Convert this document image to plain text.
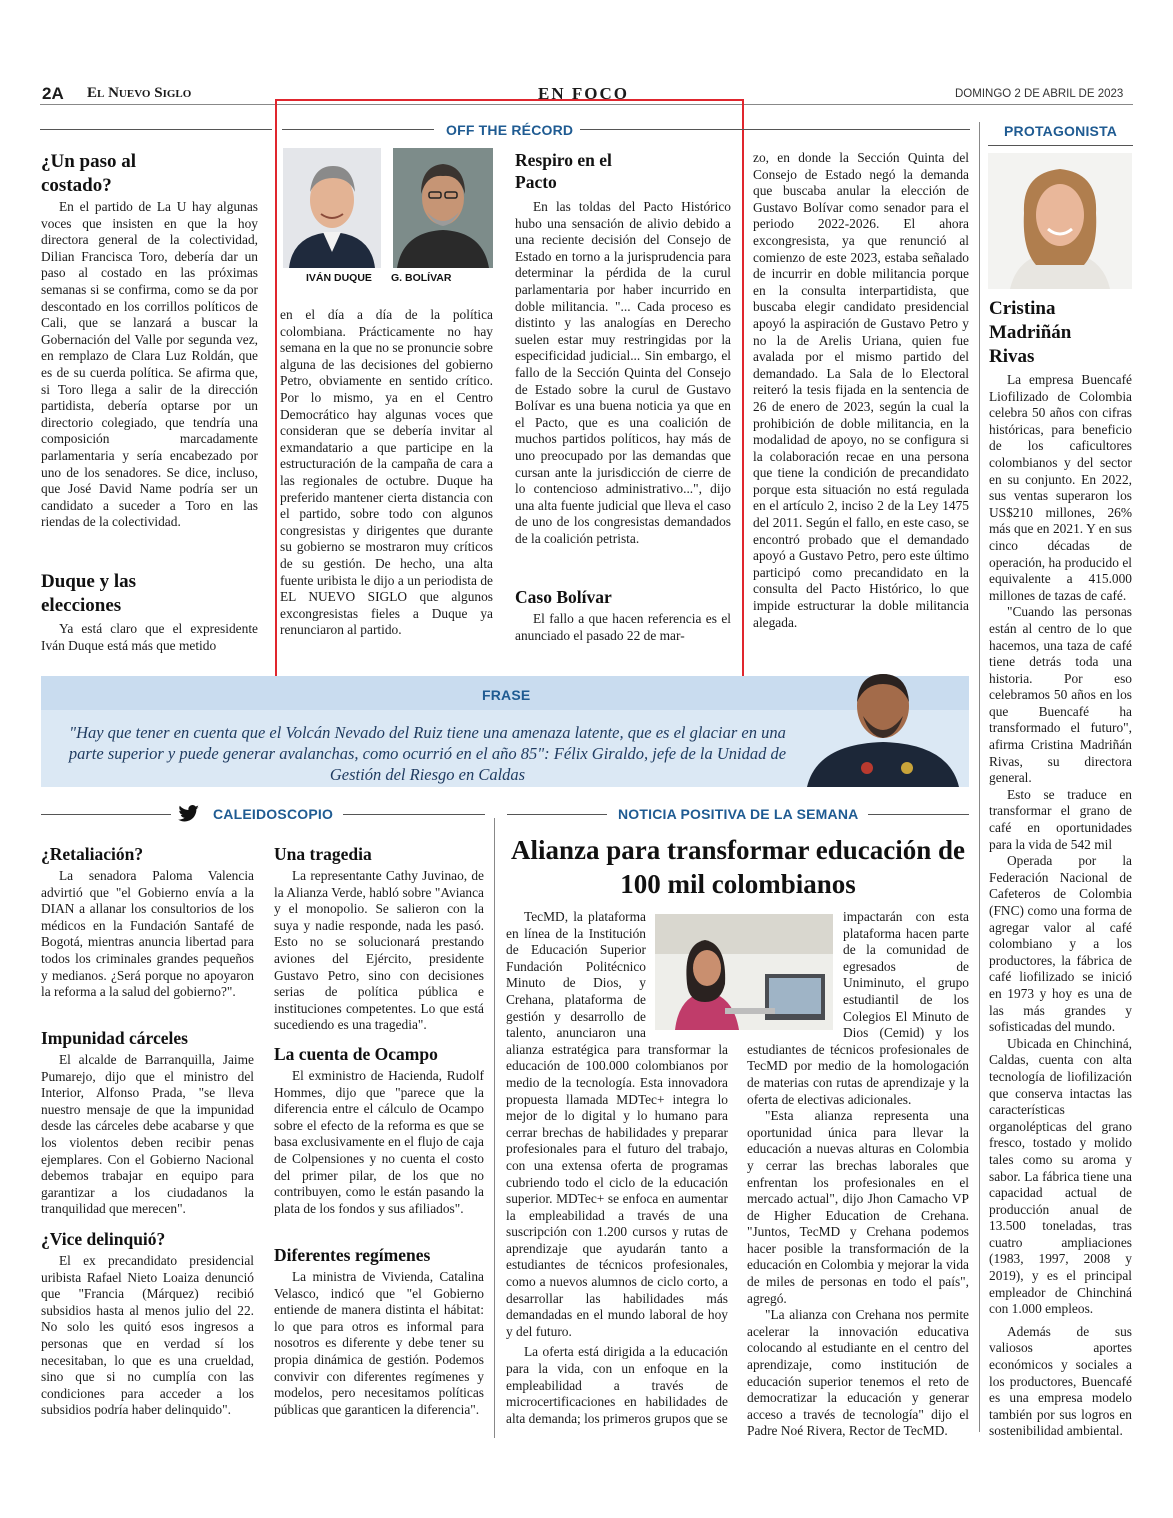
2A El Nuevo Siglo	EN FOCO	DOMINGO 2 DE ABRIL DE 2023
¿Un paso al costado?

En el partido de La U hay algunas voces que insisten en que la hoy directora general de la colectividad, Dilian Francisca Toro, debería dar un paso al costado en las próximas semanas si se confirma, como se da por descontado en los corrillos políticos de Cali, que se lanzará a buscar la Gobernación del Valle por segunda vez, en remplazo de Clara Luz Roldán, que es de su cuerda política. Se afirma que, si Toro llega a salir de la dirección partidista, debería optarse por un directorio colegiado, que tendría una composición marcadamente parlamentaria y sería encabezado por uno de los senadores. Se dice, incluso, que José David Name podría ser un candidato a suceder a Toro en las riendas de la colectividad.

Duque y las elecciones

Ya está claro que el expresidente Iván Duque está más que metido

OFF THE RÉCORD
IVÁN DUQUE G. BOLÍVAR

en el día a día de la política colombiana. Prácticamente no hay semana en la que no se pronuncie sobre alguna de las decisiones del gobierno Petro, obviamente en sentido crítico. Por lo mismo, ya en el Centro Democrático hay algunas voces que consideran que se debería invitar al exmandatario a que participe en la estructuración de la campaña de cara a las regionales de octubre. Duque ha preferido mantener cierta distancia con el partido, sobre todo con algunos congresistas y dirigentes que durante su gobierno se mostraron muy críticos de su gestión. De hecho, una alta fuente uribista le dijo a un periodista de EL NUEVO SIGLO que algunos excongresistas fieles a Duque ya renunciaron al partido.

Respiro en el Pacto

En las toldas del Pacto Histórico hubo una sensación de alivio debido a una reciente decisión del Consejo de Estado en torno a la jurisprudencia para determinar la pérdida de la curul parlamentaria por haber incurrido en doble militancia. "... Cada proceso es distinto y las analogías en Derecho suelen estar muy restringidas por la especificidad judicial... Sin embargo, el fallo de la Sección Quinta del Consejo de Estado sobre la curul de Gustavo Bolívar es una buena noticia ya que en el Pacto, que es una coalición de muchos partidos políticos, hay más de uno preocupado por las demandas que cursan ante la jurisdicción de cierre de lo contencioso administrativo...", dijo una alta fuente judicial que lleva el caso de uno de los congresistas demandados de la coalición petrista.

Caso Bolívar

El fallo a que hacen referencia es el anunciado el pasado 22 de mar-

zo, en donde la Sección Quinta del Consejo de Estado negó la demanda que buscaba anular la elección de Gustavo Bolívar como senador para el periodo 2022-2026. El ahora excongresista, ya que renunció al comienzo de este 2023, estaba señalado de incurrir en doble militancia porque en la consulta interpartidista, que buscaba elegir candidato presidencial apoyó la aspiración de Gustavo Petro y no la de Arelis Uriana, quien fue avalada por el mismo partido del demandado. La Sala de lo Electoral reiteró la tesis fijada en la sentencia de 26 de enero de 2023, según la cual la prohibición de doble militancia, en la modalidad de apoyo, no se configura si la colaboración recae en una persona que tiene la condición de precandidato porque esta situación no está regulada en el artículo 2, inciso 2 de la Ley 1475 del 2011. Según el fallo, en este caso, se encontró probado que el demandado apoyó a Gustavo Petro, pero este último participó como precandidato en la consulta del Pacto Histórico, lo que impide estructurar la doble militancia alegada.

PROTAGONISTA
Cristina Madriñán Rivas

La empresa Buencafé Liofilizado de Colombia celebra 50 años con cifras históricas, para beneficio de los caficultores colombianos y del sector en su conjunto. En 2022, sus ventas superaron los US$210 millones, 26% más que en 2021. Y en sus cinco décadas de operación, ha producido el equivalente a 415.000 millones de tazas de café.

"Cuando las personas están al centro de lo que hacemos, una taza de café tiene detrás toda una historia. Por eso celebramos 50 años en los que Buencafé ha transformado el futuro", afirma Cristina Madriñán Rivas, su directora general.

Esto se traduce en transformar el grano de café en oportunidades para la vida de 542 mil

Operada por la Federación Nacional de Cafeteros de Colombia (FNC) como una forma de agregar valor al café colombiano y a los productores, la fábrica de café liofilizado se inició en 1973 y hoy es una de las más grandes y sofisticadas del mundo.

Ubicada en Chinchiná, Caldas, cuenta con alta tecnología de liofilización que conserva intactas las características organolépticas del grano fresco, tostado y molido tales como su aroma y sabor. La fábrica tiene una capacidad actual de producción anual de 13.500 toneladas, tras cuatro ampliaciones (1983, 1997, 2008 y 2019), y es el principal empleador de Chinchiná con 1.000 empleos.

Además de sus valiosos aportes económicos y sociales a los productores, Buencafé es una empresa modelo también por sus logros en sostenibilidad ambiental.

FRASE
"Hay que tener en cuenta que el Volcán Nevado del Ruiz tiene una amenaza latente, que es el glaciar en una parte superior y puede generar avalanchas, como ocurrió en el año 85": Félix Giraldo, jefe de la Unidad de Gestión del Riesgo en Caldas
CALEIDOSCOPIO
¿Retaliación?

La senadora Paloma Valencia advirtió que "el Gobierno envía a la DIAN a allanar los consultorios de los médicos en la Fundación Santafé de Bogotá, mientras anuncia libertad para todos los criminales grandes pequeños y medianos. ¿Será porque no apoyaron la reforma a la salud del gobierno?".

Impunidad cárceles

El alcalde de Barranquilla, Jaime Pumarejo, dijo que el ministro del Interior, Alfonso Prada, "se lleva nuestro mensaje de que la impunidad desde las cárceles debe acabarse y que los violentos deben recibir penas ejemplares. Con el Gobierno Nacional debemos trabajar en equipo para garantizar a los ciudadanos la tranquilidad que merecen".

¿Vice delinquió?

El ex precandidato presidencial uribista Rafael Nieto Loaiza denunció que "Francia (Márquez) recibió subsidios hasta al menos julio del 22. No solo les quitó esos ingresos a personas que en verdad sí los necesitaban, lo que es una crueldad, sino que si no cumplía con las condiciones para acceder a los subsidios podría haber delinquido".

Una tragedia

La representante Cathy Juvinao, de la Alianza Verde, habló sobre "Avianca y el monopolio. Se salieron con la suya y nadie responde, nada les pasó. Esto no se solucionará prestando aviones del Ejército, presidente Gustavo Petro, sino con decisiones serias de política pública e instituciones competentes. Lo que está sucediendo es una tragedia".

La cuenta de Ocampo

El exministro de Hacienda, Rudolf Hommes, dijo que "parece que la diferencia entre el cálculo de Ocampo sobre el efecto de la reforma es que se basa exclusivamente en el flujo de caja de Colpensiones y no cuenta el costo del primer pilar, de los que no contribuyen, como le están pasando la plata de los fondos y sus afiliados".

Diferentes regímenes

La ministra de Vivienda, Catalina Velasco, indicó que "el Gobierno entiende de manera distinta el hábitat: lo que para otros es informal para nosotros es diferente y debe tener su propia dinámica de gestión. Podemos convivir con diferentes regímenes y modelos, pero necesitamos políticas públicas que garanticen la diferencia".

NOTICIA POSITIVA DE LA SEMANA
Alianza para transformar educación de 100 mil colombianos

TecMD, la plataforma en línea de la Institución de Educación Superior Fundación Politécnico Minuto de Dios, y Crehana, plataforma de gestión y desarrollo de talento, anunciaron una alianza estratégica para transformar la educación de 100.000 colombianos por medio de la tecnología. Esta innovadora propuesta llamada MDTec+ integra lo mejor de lo digital y lo humano para cerrar brechas de habilidades y preparar profesionales para el futuro del trabajo, con una extensa oferta de programas cubriendo todo el ciclo de la educación superior. MDTec+ se enfoca en aumentar la empleabilidad a través de una suscripción con 1.200 cursos y rutas de aprendizaje que ayudarán tanto a estudiantes de técnicos profesionales, como a nuevos alumnos de ciclo corto, a desarrollar las habilidades más demandadas en el mundo laboral de hoy y del futuro.

La oferta está dirigida a la educación para la vida, con un enfoque en la empleabilidad a través de microcertificaciones en habilidades de alta demanda; los primeros grupos que se

impactarán con esta plataforma hacen parte de la comunidad de egresados de Uniminuto, el grupo estudiantil de los Colegios El Minuto de Dios (Cemid) y los estudiantes de técnicos profesionales de TecMD por medio de la homologación de materias con rutas de aprendizaje y la oferta de electivas adicionales.

"Esta alianza representa una oportunidad única para llevar la educación a nuevas alturas en Colombia y cerrar las brechas laborales que enfrentan los profesionales en el mercado actual", dijo Jhon Camacho VP de Higher Education de Crehana. "Juntos, TecMD y Crehana podemos hacer posible la transformación de la educación en Colombia y mejorar la vida de miles de personas en todo el país", agregó.

"La alianza con Crehana nos permite acelerar la innovación educativa colocando al estudiante en el centro del aprendizaje, como institución de educación superior tenemos el reto de democratizar la educación y generar acceso a través de tecnología" dijo el Padre Noé Rivera, Rector de TecMD.
